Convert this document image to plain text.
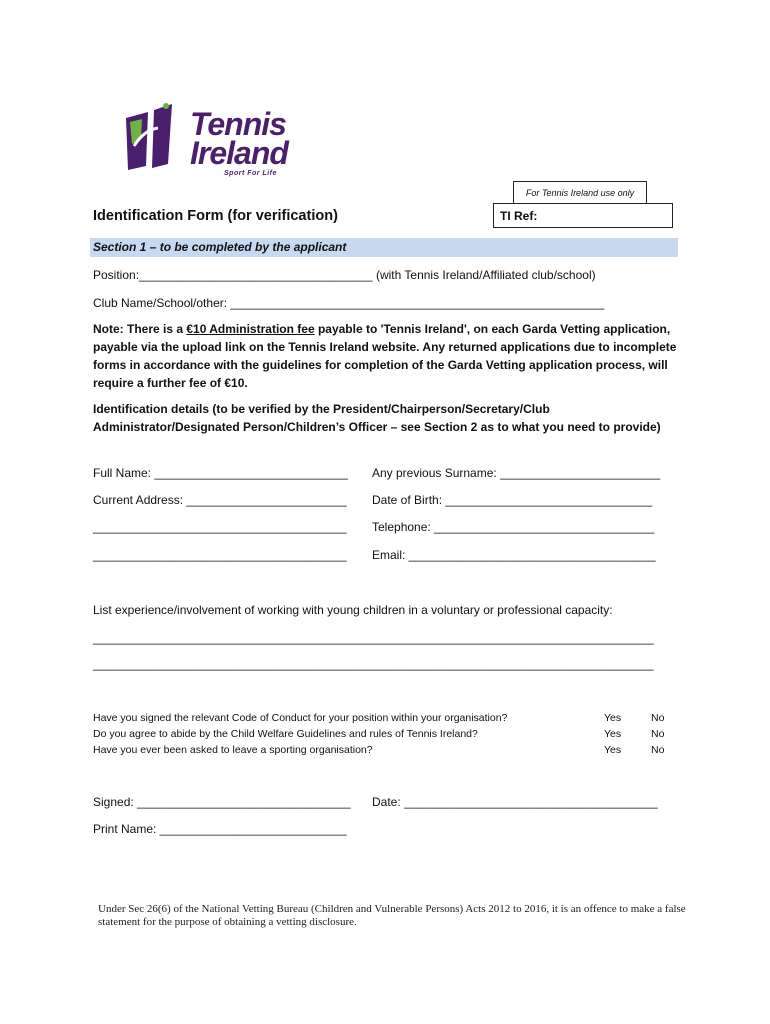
Tennis
Ireland
Sport For Life
For Tennis Ireland use only
TI Ref:
Identification Form (for verification)
Section 1 – to be completed by the applicant
Position:___________________________________ (with Tennis Ireland/Affiliated club/school)
Club Name/School/other: ________________________________________________________
Note: There is a €10 Administration fee payable to 'Tennis Ireland', on each Garda Vetting application, payable via the upload link on the Tennis Ireland website. Any returned applications due to incomplete forms in accordance with the guidelines for completion of the Garda Vetting application process, will require a further fee of €10.
Identification details (to be verified by the President/Chairperson/Secretary/Club Administrator/Designated Person/Children’s Officer – see Section 2 as to what you need to provide)
Full Name: _____________________________ Any previous Surname: ________________________
Current Address: ________________________ Date of Birth: _______________________________
______________________________________ Telephone: _________________________________
______________________________________ Email: _____________________________________
List experience/involvement of working with young children in a voluntary or professional capacity:
____________________________________________________________________________________
____________________________________________________________________________________
Have you signed the relevant Code of Conduct for your position within your organisation?	Yes	No
Do you agree to abide by the Child Welfare Guidelines and rules of Tennis Ireland?	Yes	No
Have you ever been asked to leave a sporting organisation?	Yes	No
Signed: ________________________________ Date: ______________________________________
Print Name: ____________________________
Under Sec 26(6) of the National Vetting Bureau (Children and Vulnerable Persons) Acts 2012 to 2016, it is an offence to make a false statement for the purpose of obtaining a vetting disclosure.
